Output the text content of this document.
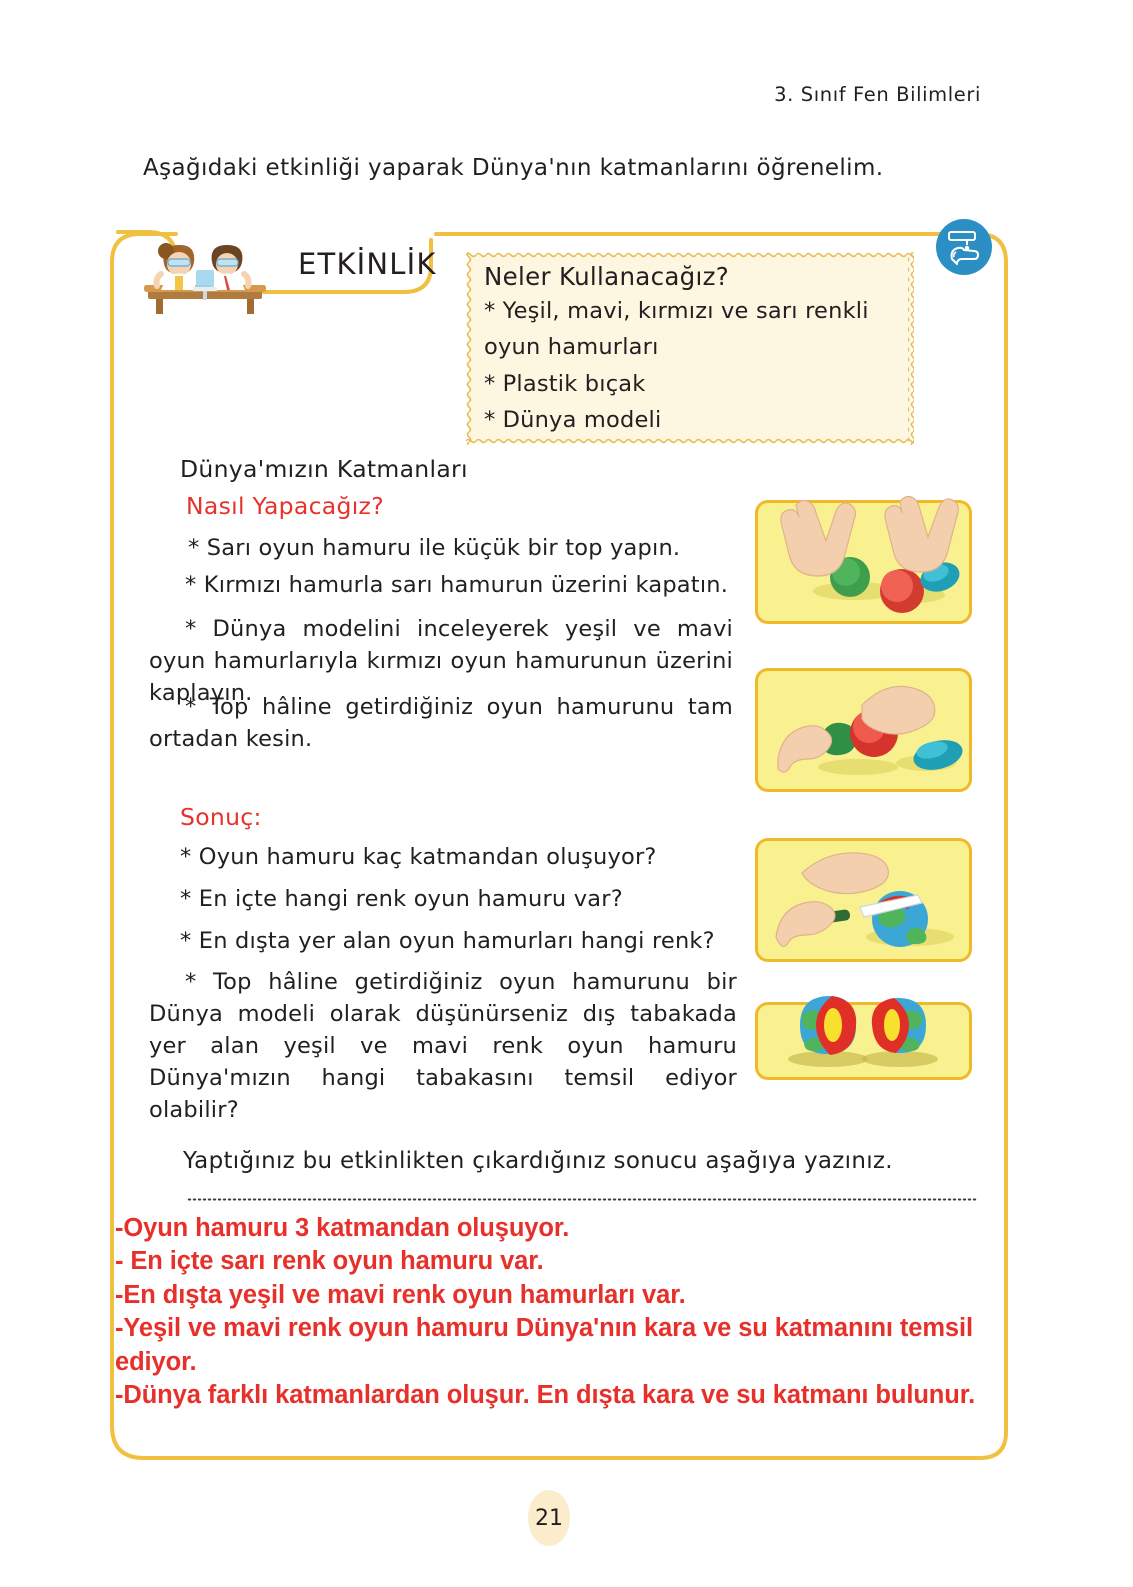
3. Sınıf Fen Bilimleri
Aşağıdaki etkinliği yaparak Dünya'nın katmanlarını öğrenelim.
ETKİNLİK Neler Kullanacağız?
* Yeşil, mavi, kırmızı ve sarı renkli oyun hamurları
* Plastik bıçak
* Dünya modeli
Dünya'mızın Katmanları
Nasıl Yapacağız?
* Sarı oyun hamuru ile küçük bir top yapın.
* Kırmızı hamurla sarı hamurun üzerini kapatın.
* Dünya modelini inceleyerek yeşil ve mavi oyun hamurlarıyla kırmızı oyun hamurunun üzerini kaplayın.
* Top hâline getirdiğiniz oyun hamurunu tam ortadan kesin.
Sonuç:
* Oyun hamuru kaç katmandan oluşuyor?
* En içte hangi renk oyun hamuru var?
* En dışta yer alan oyun hamurları hangi renk?
* Top hâline getirdiğiniz oyun hamurunu bir Dünya modeli olarak düşünürseniz dış tabakada yer alan yeşil ve mavi renk oyun hamuru Dünya'mızın hangi tabakasını temsil ediyor olabilir?
Yaptığınız bu etkinlikten çıkardığınız sonucu aşağıya yazınız.
-Oyun hamuru 3 katmandan oluşuyor.
- En içte sarı renk oyun hamuru var.
-En dışta yeşil ve mavi renk oyun hamurları var.
-Yeşil ve mavi renk oyun hamuru Dünya'nın kara ve su katmanını temsil ediyor.
-Dünya farklı katmanlardan oluşur. En dışta kara ve su katmanı bulunur.
21
